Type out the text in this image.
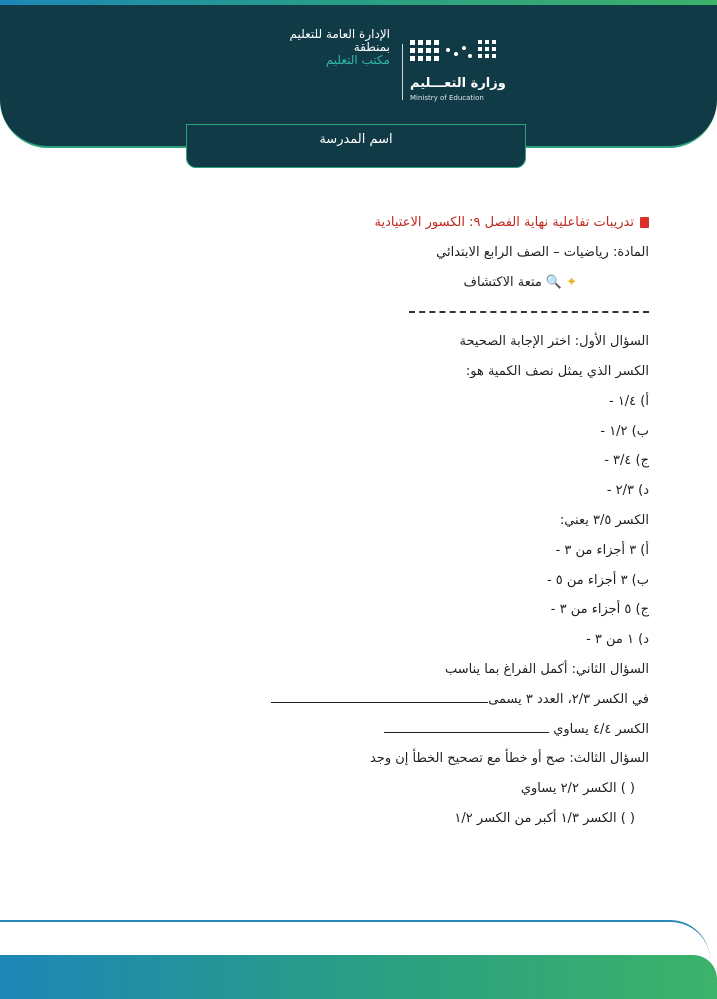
الإدارة العامة للتعليم
بمنطقة
مكتب التعليم
وزارة التعـــليم
Ministry of Education
اسم المدرسة
تدريبات تفاعلية نهاية الفصل ٩: الكسور الاعتيادية
المادة: رياضيات – الصف الرابع الابتدائي
✦🔍متعة الاكتشاف
السؤال الأول: اختر الإجابة الصحيحة
الكسر الذي يمثل نصف الكمية هو:
أ) ١/٤ -
ب) ١/٢ -
ج) ٣/٤ -
د) ٢/٣ -
الكسر ٣/٥ يعني:
أ) ٣ أجزاء من ٣ -
ب) ٣ أجزاء من ٥ -
ج) ٥ أجزاء من ٣ -
د) ١ من ٣ -
السؤال الثاني: أكمل الفراغ بما يناسب
في الكسر ٢/٣، العدد ٣ يسمى
الكسر ٤/٤ يساوي
السؤال الثالث: صح أو خطأ مع تصحيح الخطأ إن وجد
( ) الكسر ٢/٢ يساوي
( ) الكسر ١/٣ أكبر من الكسر ١/٢
